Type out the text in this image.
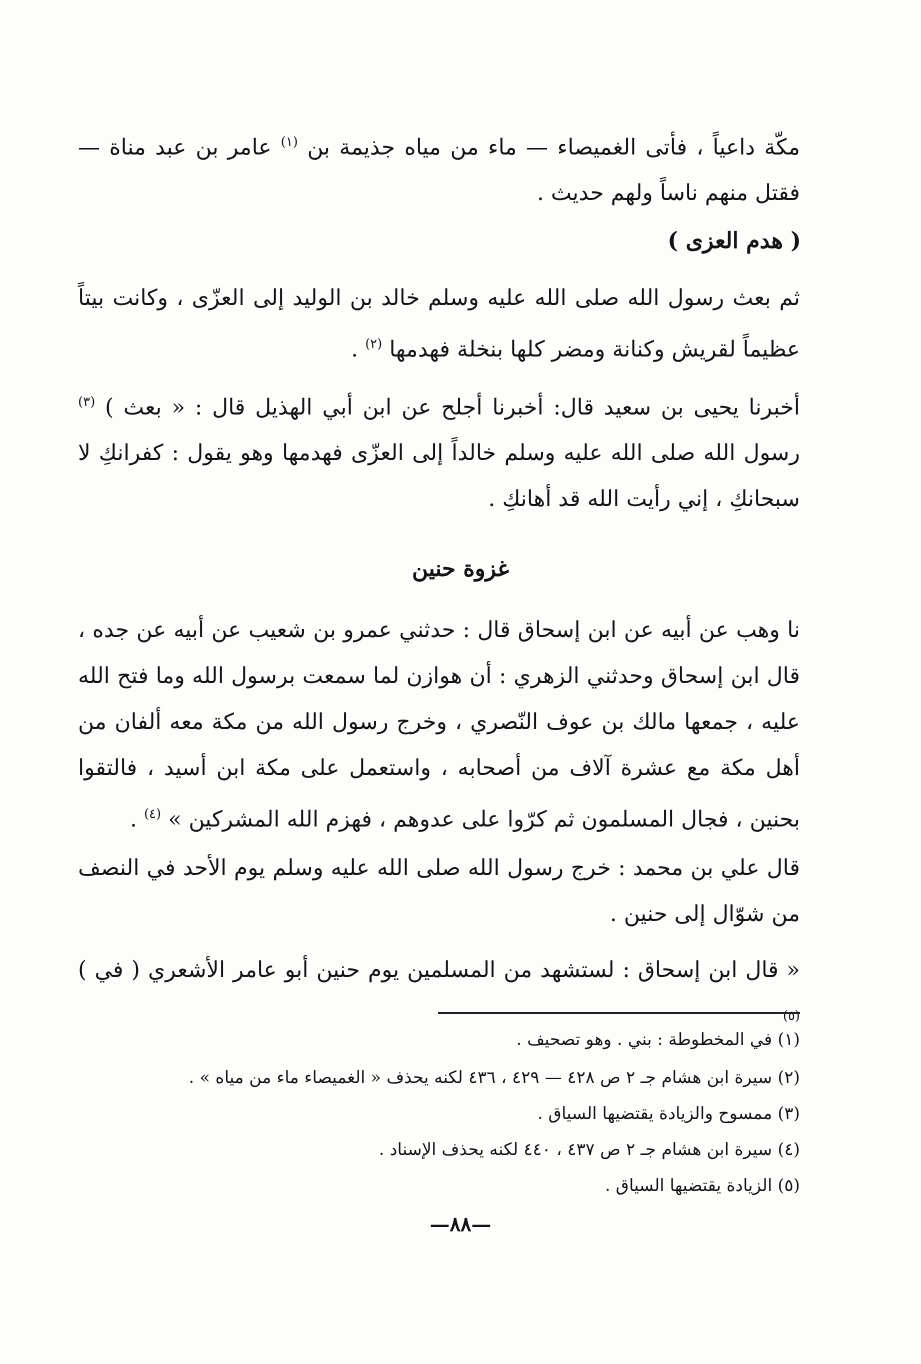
مكّة داعياً ، فأتى الغميصاء — ماء من مياه جذيمة بن $^{(١)}$ عامر بن عبد مناة — فقتل منهم ناساً ولهم حديث .
( هدم العزى )
ثم بعث رسول الله صلى الله عليه وسلم خالد بن الوليد إلى العزّى ، وكانت بيتاً عظيماً لقريش وكنانة ومضر كلها بنخلة فهدمها $^{(٢)}$ .
أخبرنا يحيى بن سعيد قال: أخبرنا أجلح عن ابن أبي الهذيل قال : « بعث ) $^{(٣)}$ رسول الله صلى الله عليه وسلم خالداً إلى العزّى فهدمها وهو يقول : كفرانكِ لا سبحانكِ ، إني رأيت الله قد أهانكِ .
غزوة حنين
نا وهب عن أبيه عن ابن إسحاق قال : حدثني عمرو بن شعيب عن أبيه عن جده ، قال ابن إسحاق وحدثني الزهري : أن هوازن لما سمعت برسول الله وما فتح الله عليه ، جمعها مالك بن عوف النّصري ، وخرج رسول الله من مكة معه ألفان من أهل مكة مع عشرة آلاف من أصحابه ، واستعمل على مكة ابن أسيد ، فالتقوا بحنين ، فجال المسلمون ثم كرّوا على عدوهم ، فهزم الله المشركين » $^{(٤)}$ .
قال علي بن محمد : خرج رسول الله صلى الله عليه وسلم يوم الأحد في النصف من شوّال إلى حنين .
« قال ابن إسحاق : لستشهد من المسلمين يوم حنين أبو عامر الأشعري ( في ) $^{(٥)}$
(١) في المخطوطة : بني . وهو تصحيف .
(٢) سيرة ابن هشام جـ ٢ ص ٤٢٨ — ٤٢٩ ، ٤٣٦ لكنه يحذف « الغميصاء ماء من مياه » .
(٣) ممسوح والزيادة يقتضيها السياق .
(٤) سيرة ابن هشام جـ ٢ ص ٤٣٧ ، ٤٤٠ لكنه يحذف الإسناد .
(٥) الزيادة يقتضيها السياق .
—٨٨—
